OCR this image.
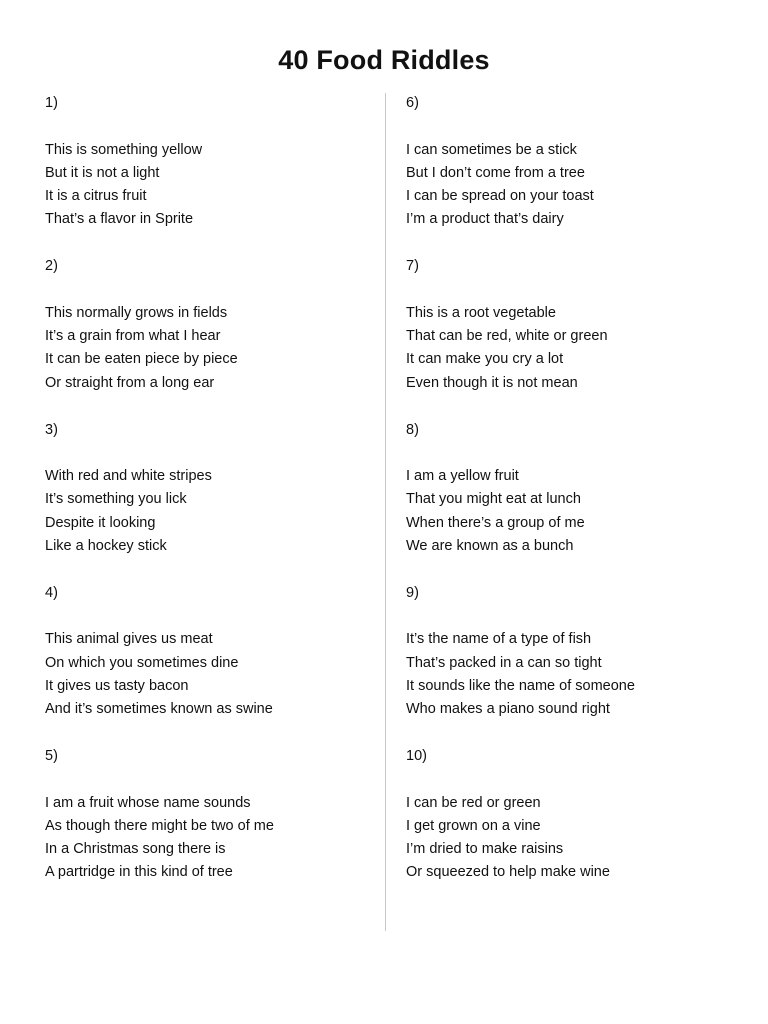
40 Food Riddles
1)
This is something yellow
But it is not a light
It is a citrus fruit
That’s a flavor in Sprite
2)
This normally grows in fields
It’s a grain from what I hear
It can be eaten piece by piece
Or straight from a long ear
3)
With red and white stripes
It’s something you lick
Despite it looking
Like a hockey stick
4)
This animal gives us meat
On which you sometimes dine
It gives us tasty bacon
And it’s sometimes known as swine
5)
I am a fruit whose name sounds
As though there might be two of me
In a Christmas song there is
A partridge in this kind of tree
6)
I can sometimes be a stick
But I don’t come from a tree
I can be spread on your toast
I’m a product that’s dairy
7)
This is a root vegetable
That can be red, white or green
It can make you cry a lot
Even though it is not mean
8)
I am a yellow fruit
That you might eat at lunch
When there’s a group of me
We are known as a bunch
9)
It’s the name of a type of fish
That’s packed in a can so tight
It sounds like the name of someone
Who makes a piano sound right
10)
I can be red or green
I get grown on a vine
I’m dried to make raisins
Or squeezed to help make wine
